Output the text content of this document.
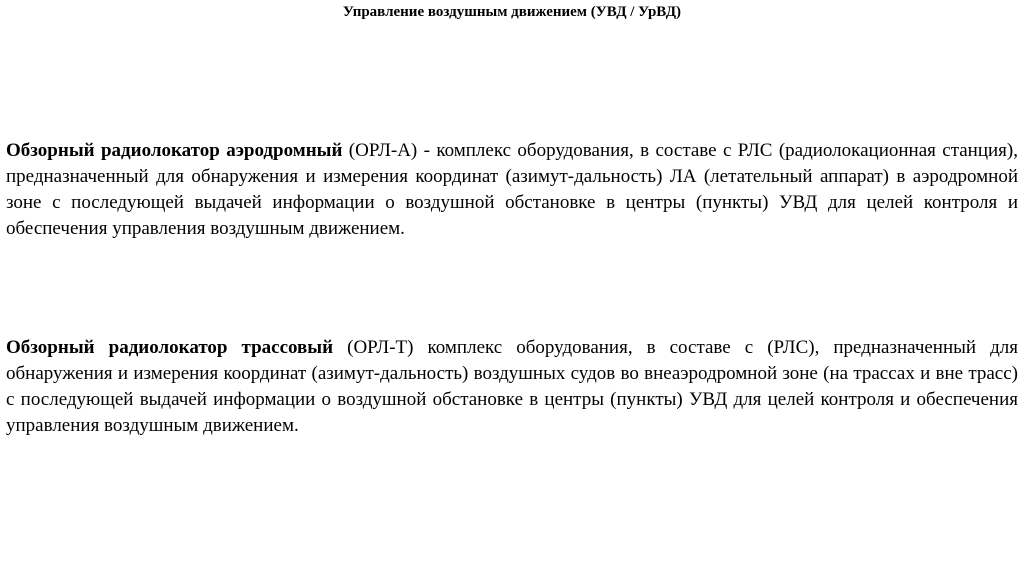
Управление воздушным движением (УВД / УрВД)

Обзорный радиолокатор аэродромный (ОРЛ-А) - комплекс оборудования, в составе с РЛС (радиолокационная станция), предназначенный для обнаружения и измерения координат (азимут-дальность) ЛА (летательный аппарат) в аэродромной зоне с последующей выдачей информации о воздушной обстановке в центры (пункты) УВД для целей контроля и обеспечения управления воздушным движением.

Обзорный радиолокатор трассовый (ОРЛ-Т) комплекс оборудования, в составе с (РЛС), предназначенный для обнаружения и измерения координат (азимут-дальность) воздушных судов во внеаэродромной зоне (на трассах и вне трасс) с последующей выдачей информации о воздушной обстановке в центры (пункты) УВД для целей контроля и обеспечения управления воздушным движением.
